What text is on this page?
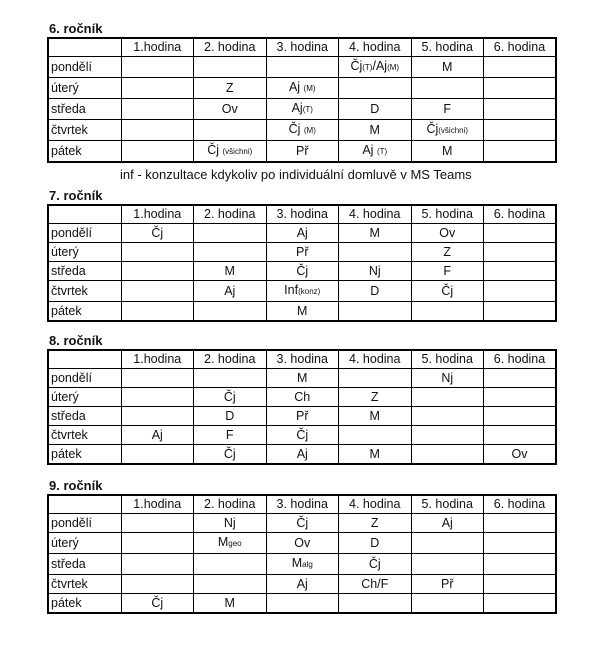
6. ročník
	1.hodina	2. hodina	3. hodina	4. hodina	5. hodina	6. hodina
pondělí				Čj(T)/Aj(M)	M	
úterý		Z	Aj (M)			
středa		Ov	Aj(T)	D	F	
čtvrtek			Čj (M)	M	Čj(všichni)	
pátek		Čj (všichni)	Př	Aj (T)	M	
inf - konzultace kdykoliv po individuální domluvě v MS Teams
7. ročník
	1.hodina	2. hodina	3. hodina	4. hodina	5. hodina	6. hodina
pondělí	Čj		Aj	M	Ov	
úterý			Př		Z	
středa		M	Čj	Nj	F	
čtvrtek		Aj	Inf(konz)	D	Čj	
pátek			M			
8. ročník
	1.hodina	2. hodina	3. hodina	4. hodina	5. hodina	6. hodina
pondělí			M		Nj	
úterý		Čj	Ch	Z		
středa		D	Př	M		
čtvrtek	Aj	F	Čj			
pátek		Čj	Aj	M		Ov
9. ročník
	1.hodina	2. hodina	3. hodina	4. hodina	5. hodina	6. hodina
pondělí		Nj	Čj	Z	Aj	
úterý		Mgeo	Ov	D		
středa			Malg	Čj		
čtvrtek			Aj	Ch/F	Př	
pátek	Čj	M				
